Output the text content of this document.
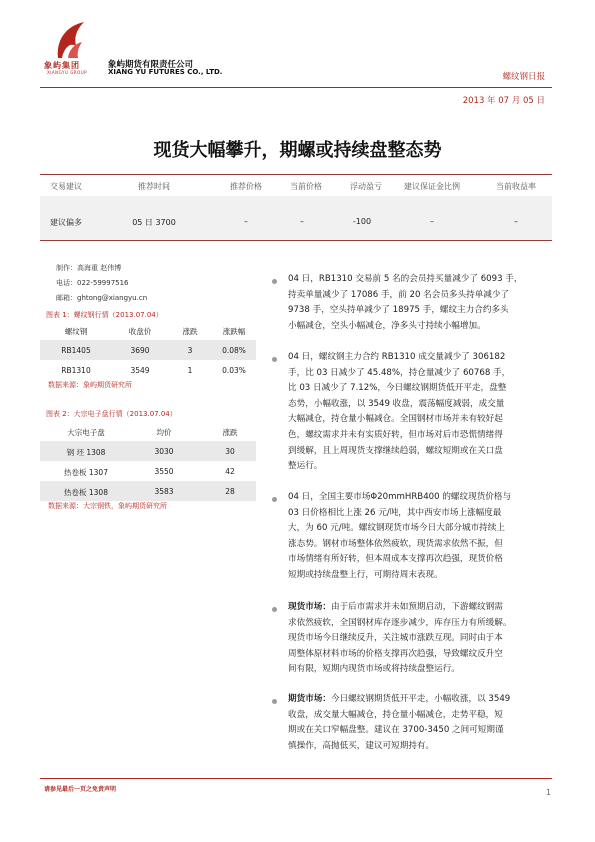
象屿集团
XIANGYU GROUP
象屿期货有限责任公司
XIANG YU FUTURES CO., LTD.	螺纹钢日报
2013 年 07 月 05 日
现货大幅攀升，期螺或持续盘整态势
交易建议	推荐时间	推荐价格	当前价格	浮动盈亏	建议保证金比例	当前收益率
建议偏多	05 日 3700	–	–	-100	–	–
制作：高海重 赵伟博
电话：022-59997516
邮箱：ghtong@xiangyu.cn
图表 1：螺纹钢行情（2013.07.04）
螺纹钢	收盘价	涨跌	涨跌幅
RB1405	3690	3	0.08%
RB1310	3549	1	0.03%
数据来源：象屿期货研究所
图表 2：大宗电子盘行情（2013.07.04）
大宗电子盘	均价	涨跌
钢 坯 1308	3030	30
热卷板 1307	3550	42
热卷板 1308	3583	28
数据来源：大宗钢铁，象屿期货研究所
04 日，RB1310 交易前 5 名的会员持买量减少了 6093 手，
持卖单量减少了 17086 手，前 20 名会员多头持单减少了
9738 手，空头持单减少了 18975 手，螺纹主力合约多头
小幅减仓，空头小幅减仓，净多头寸持续小幅增加。
04 日，螺纹钢主力合约 RB1310 成交量减少了 306182
手，比 03 日减少了 45.48%，持仓量减少了 60768 手，
比 03 日减少了 7.12%，今日螺纹钢期货低开平走，盘整
态势，小幅收涨，以 3549 收盘，震荡幅度减弱，成交量
大幅减仓，持仓量小幅减仓。全国钢材市场并未有较好起
色，螺纹需求并未有实质好转，但市场对后市恐慌情绪得
到缓解，且上周现货支撑继续趋弱，螺纹短期或在关口盘
整运行。
04 日，全国主要市场Φ20mmHRB400 的螺纹现货价格与
03 日价格相比上涨 26 元/吨，其中西安市场上涨幅度最
大，为 60 元/吨。螺纹钢现货市场今日大部分城市持续上
涨态势。钢材市场整体依然疲软，现货需求依然不振，但
市场情绪有所好转，但本周成本支撑再次趋强，现货价格
短期或持续盘整上行，可期待周末表现。
现货市场：由于后市需求并未如预期启动，下游螺纹钢需
求依然疲软，全国钢材库存逐步减少，库存压力有所缓解。
现货市场今日继续反升，关注城市涨跌互现。同时由于本
周整体原材料市场的价格支撑再次趋强，导致螺纹反升空
间有限，短期内现货市场或将持续盘整运行。
期货市场：今日螺纹钢期货低开平走，小幅收涨，以 3549
收盘，成交量大幅减仓，持仓量小幅减仓，走势平稳，短
期或在关口窄幅盘整。建议在 3700-3450 之间可短期谨
慎操作，高抛低买，建议可短期持有。
请参见最后一页之免责声明	1
